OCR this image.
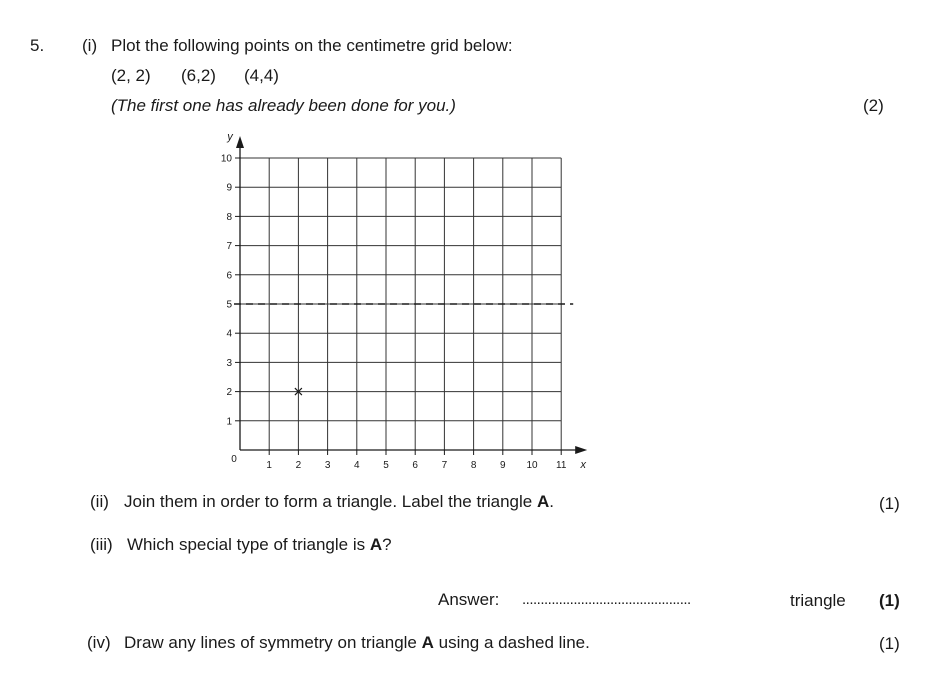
5. (i) Plot the following points on the centimetre grid below:
(2, 2) (6,2) (4,4)
(The first one has already been done for you.)	(2)
1
2
3
4
5
6
7
8
9
10
1 2 3 4 5 6 7 8 9 10 11
0	x
y
(ii) Join them in order to form a triangle. Label the triangle A.	(1)
(iii) Which special type of triangle is A?
Answer: ..............................................	triangle (1)
(iv) Draw any lines of symmetry on triangle A using a dashed line.	(1)
